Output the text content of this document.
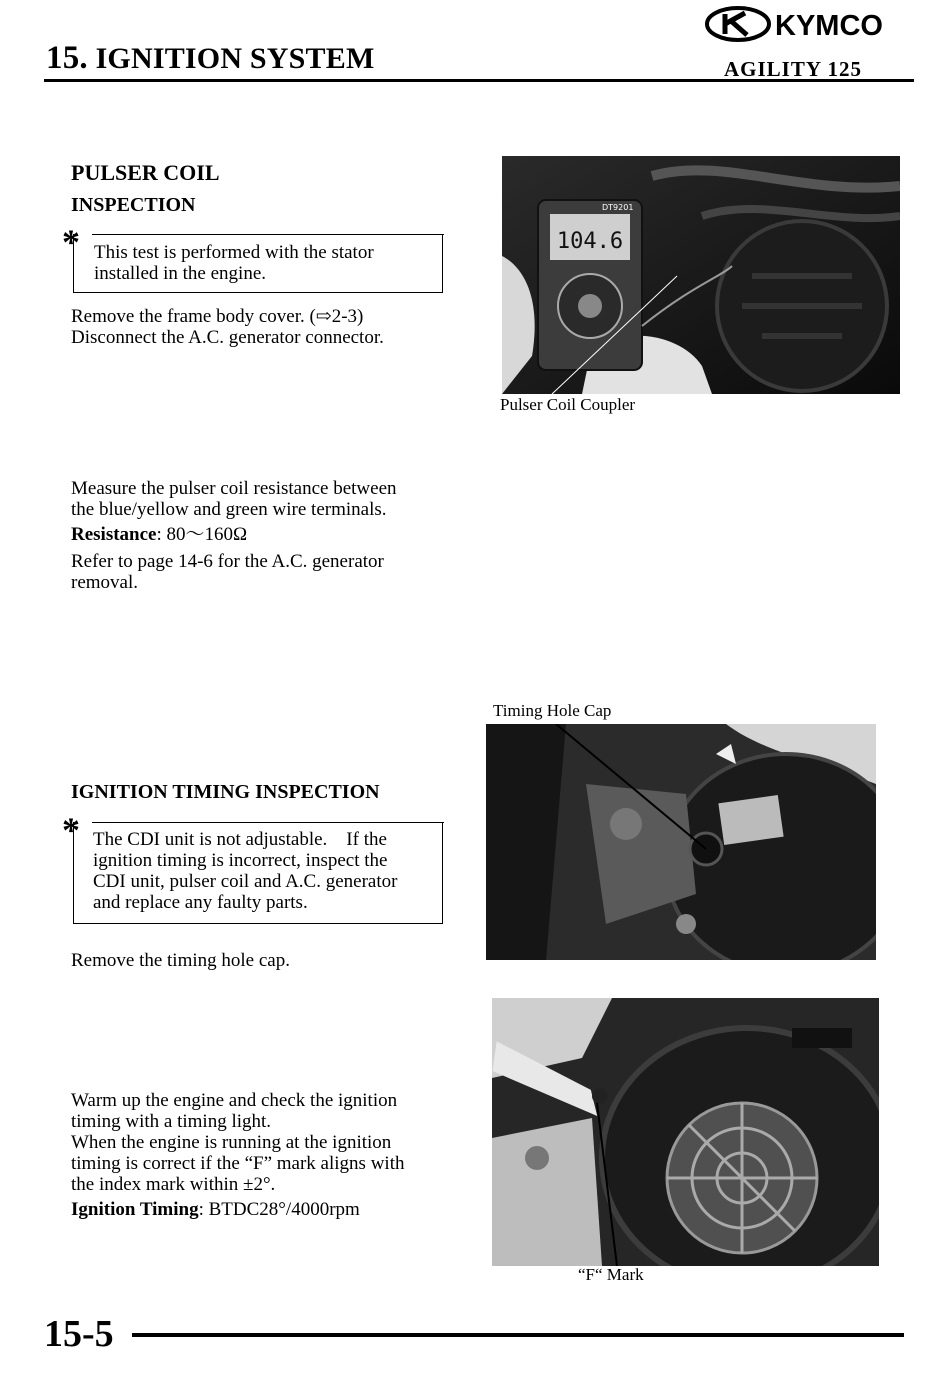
15. IGNITION SYSTEM
KYMCO
AGILITY 125
PULSER COIL
INSPECTION
* This test is performed with the stator
installed in the engine.
Remove the frame body cover. (⇨2-3)
Disconnect the A.C. generator connector.
104.6
DT9201
Pulser Coil Coupler
Measure the pulser coil resistance between
the blue/yellow and green wire terminals.
Resistance: 80～160Ω
Refer to page 14-6 for the A.C. generator
removal.
Timing Hole Cap
IGNITION TIMING INSPECTION
* The CDI unit is not adjustable.    If the
ignition timing is incorrect, inspect the
CDI unit, pulser coil and A.C. generator
and replace any faulty parts.
Remove the timing hole cap.
Warm up the engine and check the ignition
timing with a timing light.
When the engine is running at the ignition
timing is correct if the “F” mark aligns with
the index mark within ±2°.
Ignition Timing: BTDC28°/4000rpm
“F“ Mark
15-5
